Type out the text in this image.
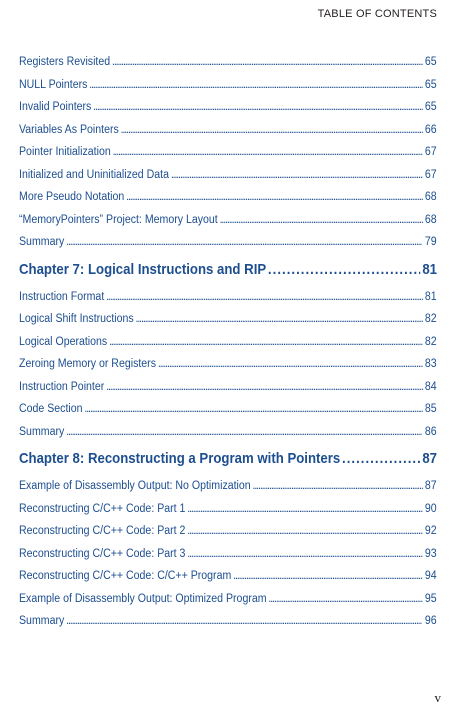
TABLE OF CONTENTS
Registers Revisited . . .	65
NULL Pointers . . .	65
Invalid Pointers . . .	65
Variables As Pointers . . .	66
Pointer Initialization . . .	67
Initialized and Uninitialized Data . . .	67
More Pseudo Notation . . .	68
“MemoryPointers” Project: Memory Layout . . .	68
Summary . . .	79
Chapter 7: Logical Instructions and RIP . . .	81
Instruction Format . . .	81
Logical Shift Instructions . . .	82
Logical Operations . . .	82
Zeroing Memory or Registers . . .	83
Instruction Pointer . . .	84
Code Section . . .	85
Summary . . .	86
Chapter 8: Reconstructing a Program with Pointers . . .	87
Example of Disassembly Output: No Optimization . . .	87
Reconstructing C/C++ Code: Part 1 . . .	90
Reconstructing C/C++ Code: Part 2 . . .	92
Reconstructing C/C++ Code: Part 3 . . .	93
Reconstructing C/C++ Code: C/C++ Program . . .	94
Example of Disassembly Output: Optimized Program . . .	95
Summary . . .	96
v
